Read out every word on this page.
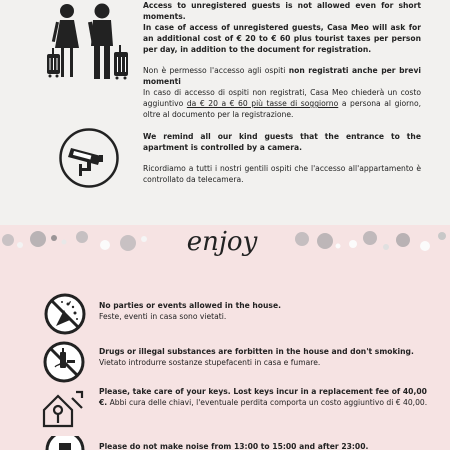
Access to unregistered guests is not allowed even for short moments.

In case of access of unregistered guests, Casa Meo will ask for an additional cost of € 20 to € 60 plus tourist taxes per person per day, in addition to the document for registration.

Non è permesso l'accesso agli ospiti non registrati anche per brevi momenti

In caso di accesso di ospiti non registrati, Casa Meo chiederà un costo aggiuntivo da € 20 a € 60 più tasse di soggiorno a persona al giorno, oltre al documento per la registrazione.

We remind all our kind guests that the entrance to the apartment is controlled by a camera.

Ricordiamo a tutti i nostri gentili ospiti che l'accesso all'appartamento è controllato da telecamera.

enjoy

No parties or events allowed in the house.

Feste, eventi in casa sono vietati.

Drugs or illegal substances are forbitten in the house and don't smoking.

Vietato introdurre sostanze stupefacenti in casa e fumare.

Please, take care of your keys. Lost keys incur in a replacement fee of 40,00 €. Abbi cura delle chiavi, l'eventuale perdita comporta un costo aggiuntivo di € 40,00.

Please do not make noise from 13:00 to 15:00 and after 23:00.
